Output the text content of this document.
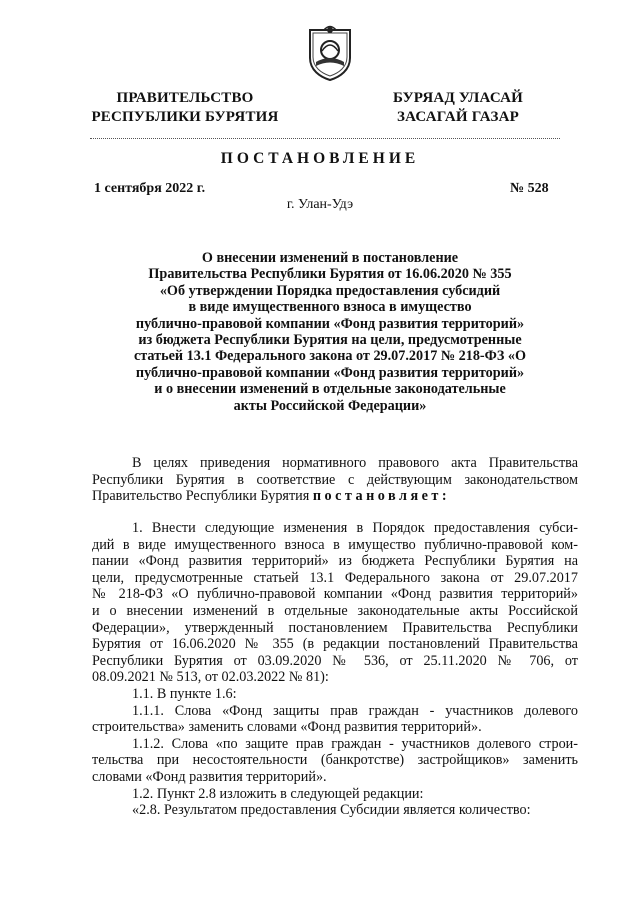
ПРАВИТЕЛЬСТВО
РЕСПУБЛИКИ БУРЯТИЯ
БУРЯАД УЛАСАЙ
ЗАСАГАЙ ГАЗАР
ПОСТАНОВЛЕНИЕ
1 сентября 2022 г.	№ 528
г. Улан-Удэ
О внесении изменений в постановление
Правительства Республики Бурятия от 16.06.2020 № 355
«Об утверждении Порядка предоставления субсидий
в виде имущественного взноса в имущество
публично-правовой компании «Фонд развития территорий»
из бюджета Республики Бурятия на цели, предусмотренные
статьей 13.1 Федерального закона от 29.07.2017 № 218-ФЗ «О
публично-правовой компании «Фонд развития территорий»
и о внесении изменений в отдельные законодательные
акты Российской Федерации»
В целях приведения нормативного правового акта Правительства
Республики Бурятия в соответствие с действующим законодательством
Правительство Республики Бурятия постановляет:
1. Внести следующие изменения в Порядок предоставления субси-
дий в виде имущественного взноса в имущество публично-правовой ком-
пании «Фонд развития территорий» из бюджета Республики Бурятия на
цели, предусмотренные статьей 13.1 Федерального закона от 29.07.2017
№ 218-ФЗ «О публично-правовой компании «Фонд развития территорий»
и о внесении изменений в отдельные законодательные акты Российской
Федерации», утвержденный постановлением Правительства Республики
Бурятия от 16.06.2020 № 355 (в редакции постановлений Правительства
Республики Бурятия от 03.09.2020 № 536, от 25.11.2020 № 706, от
08.09.2021 № 513, от 02.03.2022 № 81):
1.1. В пункте 1.6:
1.1.1. Слова «Фонд защиты прав граждан - участников долевого
строительства» заменить словами «Фонд развития территорий».
1.1.2. Слова «по защите прав граждан - участников долевого строи-
тельства при несостоятельности (банкротстве) застройщиков» заменить
словами «Фонд развития территорий».
1.2. Пункт 2.8 изложить в следующей редакции:
«2.8. Результатом предоставления Субсидии является количество:
